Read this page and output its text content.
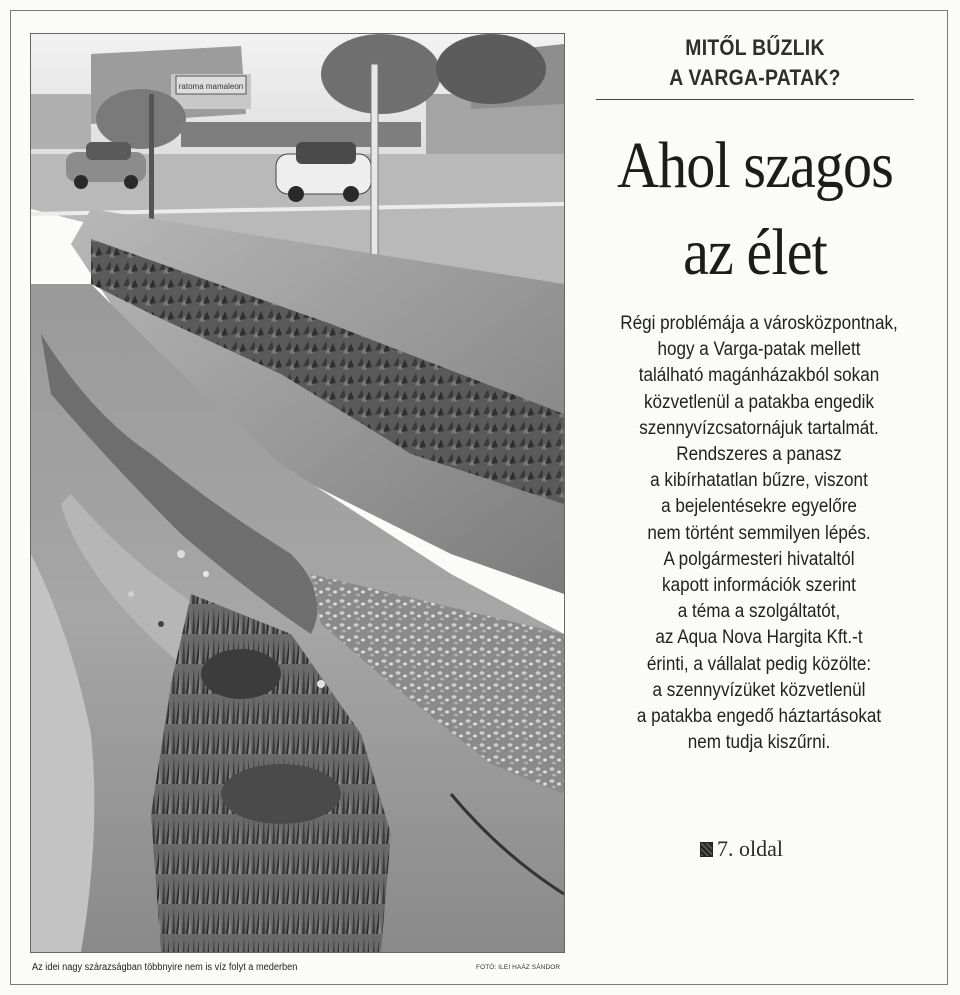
ratoma mamaleon
Az idei nagy szárazságban többnyire nem is víz folyt a mederben	FOTÓ: ILEI HAÁZ SÁNDOR
MITŐL BŰZLIK
A VARGA-PATAK?
Ahol szagos
az élet
Régi problémája a városközpontnak,
hogy a Varga-patak mellett
található magánházakból sokan
közvetlenül a patakba engedik
szennyvízcsatornájuk tartalmát.
Rendszeres a panasz
a kibírhatatlan bűzre, viszont
a bejelentésekre egyelőre
nem történt semmilyen lépés.
A polgármesteri hivataltól
kapott információk szerint
a téma a szolgáltatót,
az Aqua Nova Hargita Kft.-t
érinti, a vállalat pedig közölte:
a szennyvízüket közvetlenül
a patakba engedő háztartásokat
nem tudja kiszűrni.
7. oldal
